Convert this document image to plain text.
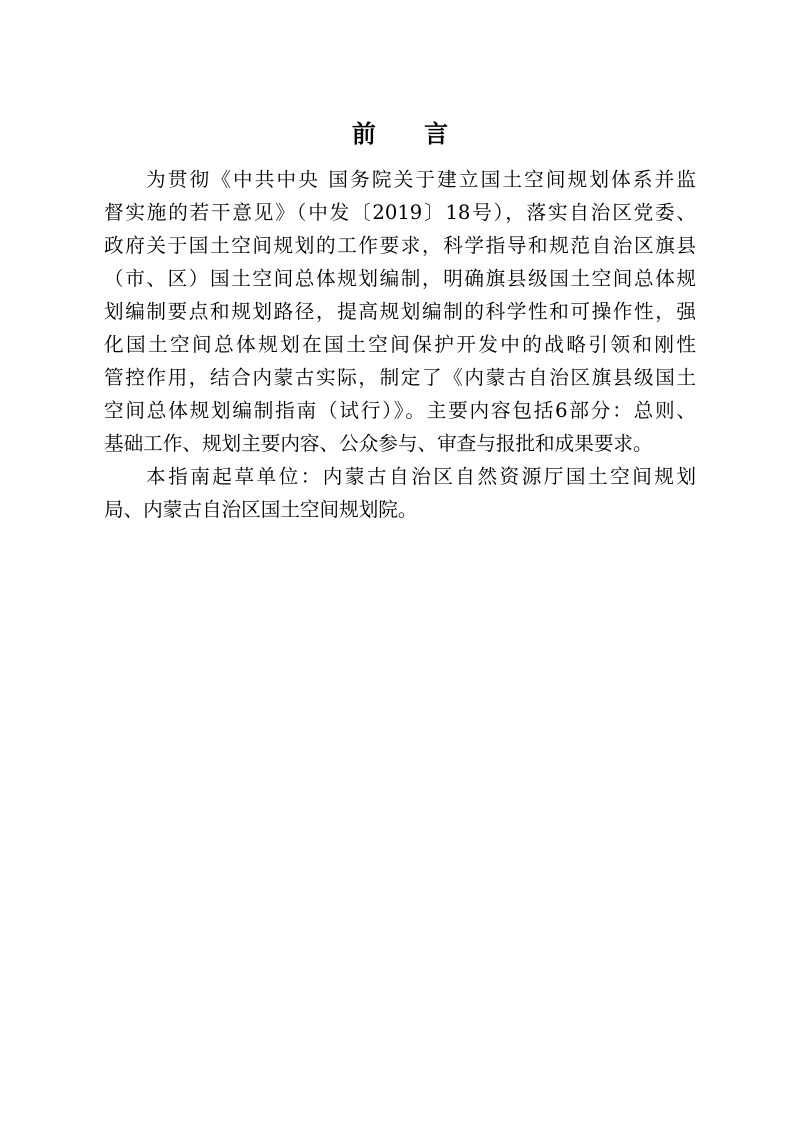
前 言
为贯彻《中共中央 国务院关于建立国土空间规划体系并监
督实施的若干意见》（中发〔2019〕18号），落实自治区党委、
政府关于国土空间规划的工作要求，科学指导和规范自治区旗县
（市、区）国土空间总体规划编制，明确旗县级国土空间总体规
划编制要点和规划路径，提高规划编制的科学性和可操作性，强
化国土空间总体规划在国土空间保护开发中的战略引领和刚性
管控作用，结合内蒙古实际，制定了《内蒙古自治区旗县级国土
空间总体规划编制指南（试行）》。主要内容包括6部分：总则、
基础工作、规划主要内容、公众参与、审查与报批和成果要求。
本指南起草单位：内蒙古自治区自然资源厅国土空间规划
局、内蒙古自治区国土空间规划院。
